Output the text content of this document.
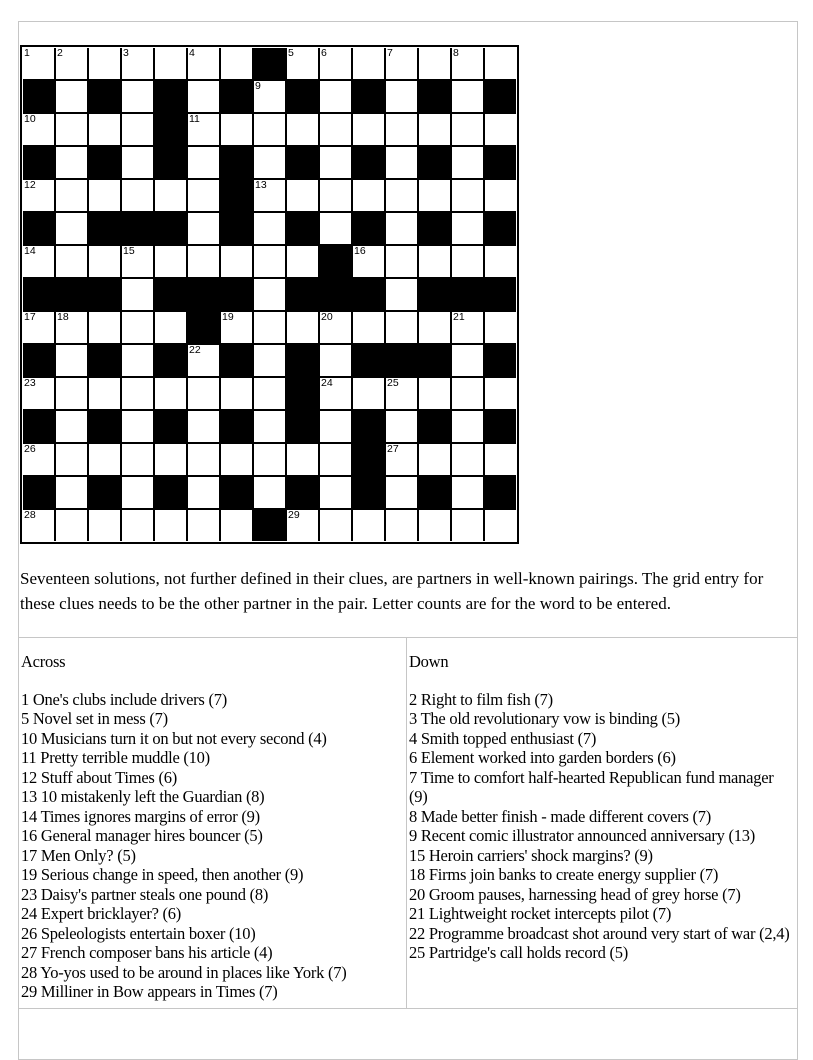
1	2	3	4	5	6	7	8
9
10	11
12	13
14	15	16
17 18	19	20	21
22
23	24	25
26	27
28	29

Seventeen solutions, not further defined in their clues, are partners in well-known pairings. The grid entry for these clues needs to be the other partner in the pair. Letter counts are for the word to be entered.

Across
1 One's clubs include drivers (7)
5 Novel set in mess (7)
10 Musicians turn it on but not every second (4)
11 Pretty terrible muddle (10)
12 Stuff about Times (6)
13 10 mistakenly left the Guardian (8)
14 Times ignores margins of error (9)
16 General manager hires bouncer (5)
17 Men Only? (5)
19 Serious change in speed, then another (9)
23 Daisy's partner steals one pound (8)
24 Expert bricklayer? (6)
26 Speleologists entertain boxer (10)
27 French composer bans his article (4)
28 Yo-yos used to be around in places like York (7)
29 Milliner in Bow appears in Times (7)
Down
2 Right to film fish (7)
3 The old revolutionary vow is binding (5)
4 Smith topped enthusiast (7)
6 Element worked into garden borders (6)
7 Time to comfort half-hearted Republican fund manager (9)
8 Made better finish - made different covers (7)
9 Recent comic illustrator announced anniversary (13)
15 Heroin carriers' shock margins? (9)
18 Firms join banks to create energy supplier (7)
20 Groom pauses, harnessing head of grey horse (7)
21 Lightweight rocket intercepts pilot (7)
22 Programme broadcast shot around very start of war (2,4)
25 Partridge's call holds record (5)
